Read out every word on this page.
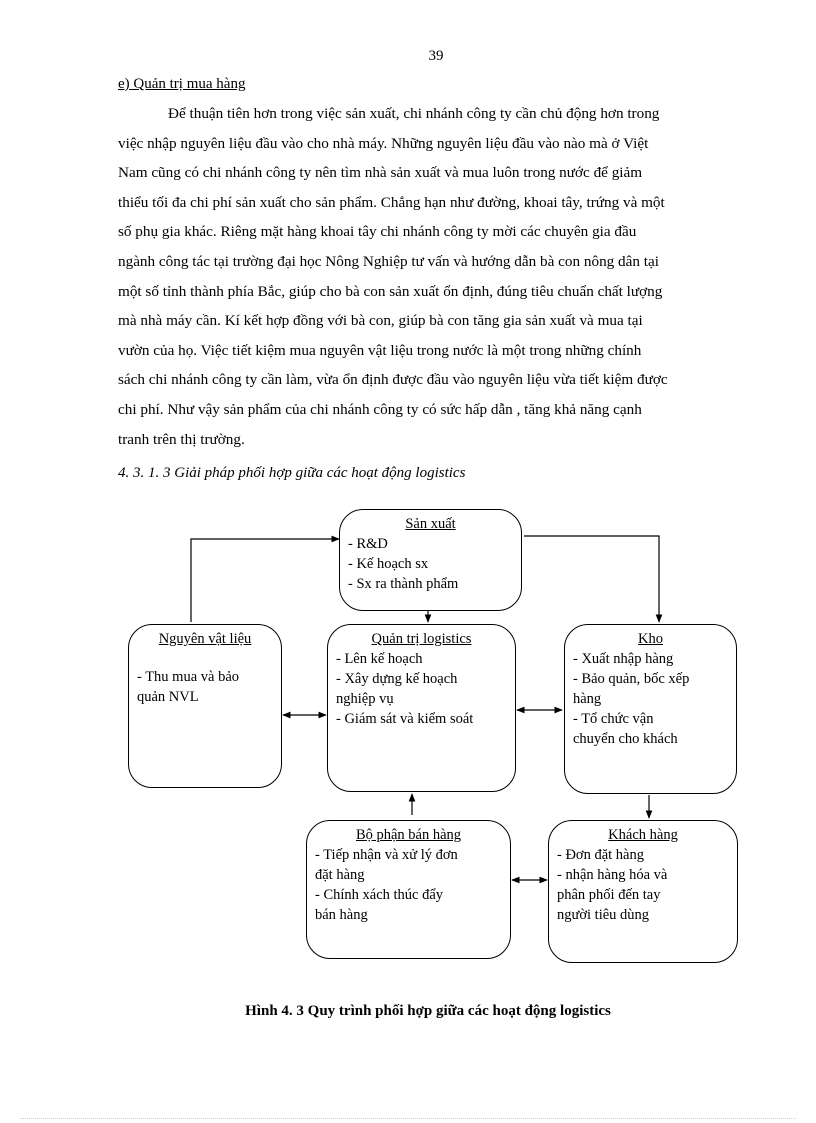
39
e) Quản trị mua hàng

Để thuận tiên hơn trong việc sản xuất, chi nhánh công ty cần chủ động hơn trong
việc nhập nguyên liệu đầu vào cho nhà máy. Những nguyên liệu đầu vào nào mà ở Việt
Nam cũng có chi nhánh công ty nên tìm nhà sản xuất và mua luôn trong nước để giảm
thiểu tối đa chi phí sản xuất cho sản phẩm. Chẳng hạn như đường, khoai tây, trứng và một
số phụ gia khác. Riêng mặt hàng khoai tây chi nhánh công ty mời các chuyên gia đầu
ngành công tác tại trường đại học Nông Nghiệp tư vấn và hướng dẫn bà con nông dân tại
một số tỉnh thành phía Bắc, giúp cho bà con sản xuất ổn định, đúng tiêu chuẩn chất lượng
mà nhà máy cần. Kí kết hợp đồng với bà con, giúp bà con tăng gia sản xuất và mua tại
vườn của họ. Việc tiết kiệm mua nguyên vật liệu trong nước là một trong những chính
sách chi nhánh công ty cần làm, vừa ổn định được đầu vào nguyên liệu vừa tiết kiệm được
chi phí. Như vậy sản phẩm của chi nhánh công ty có sức hấp dẫn , tăng khả năng cạnh
tranh trên thị trường.

4. 3. 1. 3 Giải pháp phối hợp giữa các hoạt động logistics
Sản xuất
- R&D
- Kế hoạch sx
- Sx ra thành phẩm
Nguyên vật liệu
- Thu mua và bảo
quản NVL
Quản trị logistics
- Lên kế hoạch
- Xây dựng kế hoạch
nghiệp vụ
- Giám sát và kiểm soát
Kho
- Xuất nhập hàng
- Bảo quản, bốc xếp
hàng
- Tổ chức vận
chuyển cho khách
Bộ phận bán hàng
- Tiếp nhận và xử lý đơn
đặt hàng
- Chính xách thúc đẩy
bán hàng
Khách hàng
- Đơn đặt hàng
- nhận hàng hóa và
phân phối đến tay
người tiêu dùng
Hình 4. 3 Quy trình phối hợp giữa các hoạt động logistics
